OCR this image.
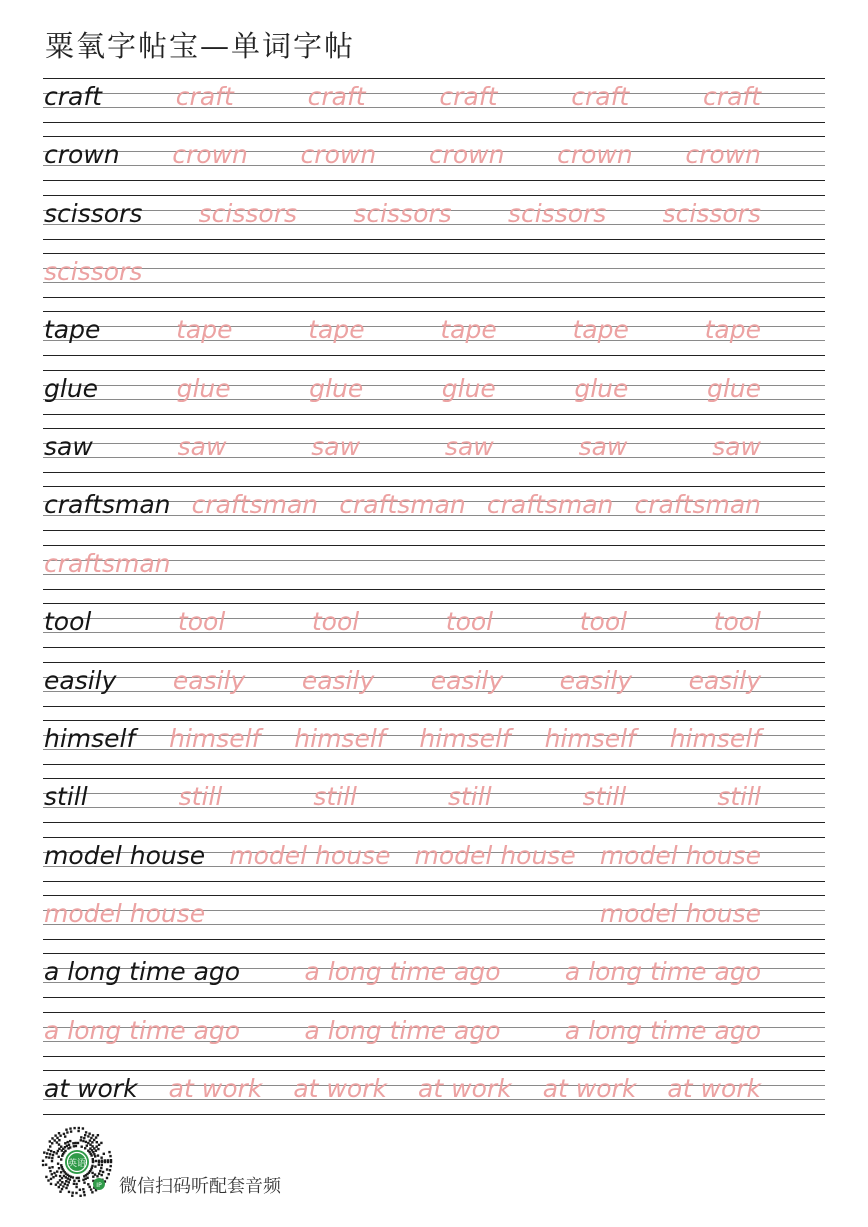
粟氧字帖宝—单词字帖
craft	craft	craft	craft	craft	craft
crown crown crown crown crown crown
scissors scissors scissors scissors scissors
scissors
tape	tape	tape	tape	tape	tape
glue	glue	glue	glue	glue	glue
saw	saw	saw	saw	saw	saw
craftsman craftsman craftsman craftsman craftsman
craftsman
tool	tool	tool	tool	tool	tool
easily easily easily easily easily easily
himself himself himself himself himself himself
still	still	still	still	still	still
model house model house model house model house
model house	model house
a long time ago	a long time ago	a long time ago
a long time ago	a long time ago	a long time ago
at work at work at work at work at work at work
英语
IP 微信扫码听配套音频
